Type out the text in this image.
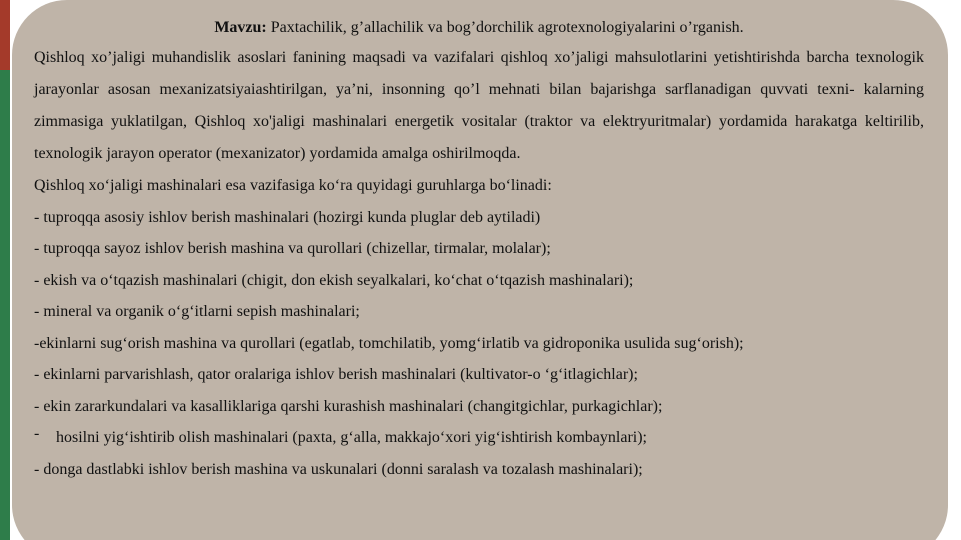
Mavzu: Paxtachilik, g’allachilik va bog’dorchilik agrotexnologiyalarini o’rganish.

Qishloq xo’jaligi muhandislik asoslari fanining maqsadi va vazifalari qishloq xo’jaligi mahsulotlarini yetishtirishda barcha texnologik jarayonlar asosan mexanizatsiyaiashtirilgan, ya’ni, insonning qo’l mehnati bilan bajarishga sarflanadigan quvvati texni- kalarning zimmasiga yuklatilgan, Qishloq xo'jaligi mashinalari energetik vositalar (traktor va elektryuritmalar) yordamida harakatga keltirilib, texnologik jarayon operator (mexanizator) yordamida amalga oshirilmoqda.

Qishloq xo‘jaligi mashinalari esa vazifasiga ko‘ra quyidagi guruhlarga bo‘linadi:

- tuproqqa asosiy ishlov berish mashinalari (hozirgi kunda pluglar deb aytiladi)

- tuproqqa sayoz ishlov berish mashina va qurollari (chizellar, tirmalar, molalar);

- ekish va o‘tqazish mashinalari (chigit, don ekish seyalkalari, ko‘chat o‘tqazish mashinalari);

- mineral va organik o‘g‘itlarni sepish mashinalari;

-ekinlarni sug‘orish mashina va qurollari (egatlab, tomchilatib, yomg‘irlatib va gidroponika usulida sug‘orish);

- ekinlarni parvarishlash, qator oralariga ishlov berish mashinalari (kultivator-o ‘g‘itlagichlar);

- ekin zararkundalari va kasalliklariga qarshi kurashish mashinalari (changitgichlar, purkagichlar);

- hosilni yig‘ishtirib olish mashinalari (paxta, g‘alla, makkajo‘xori yig‘ishtirish kombaynlari);

- donga dastlabki ishlov berish mashina va uskunalari (donni saralash va tozalash mashinalari);
